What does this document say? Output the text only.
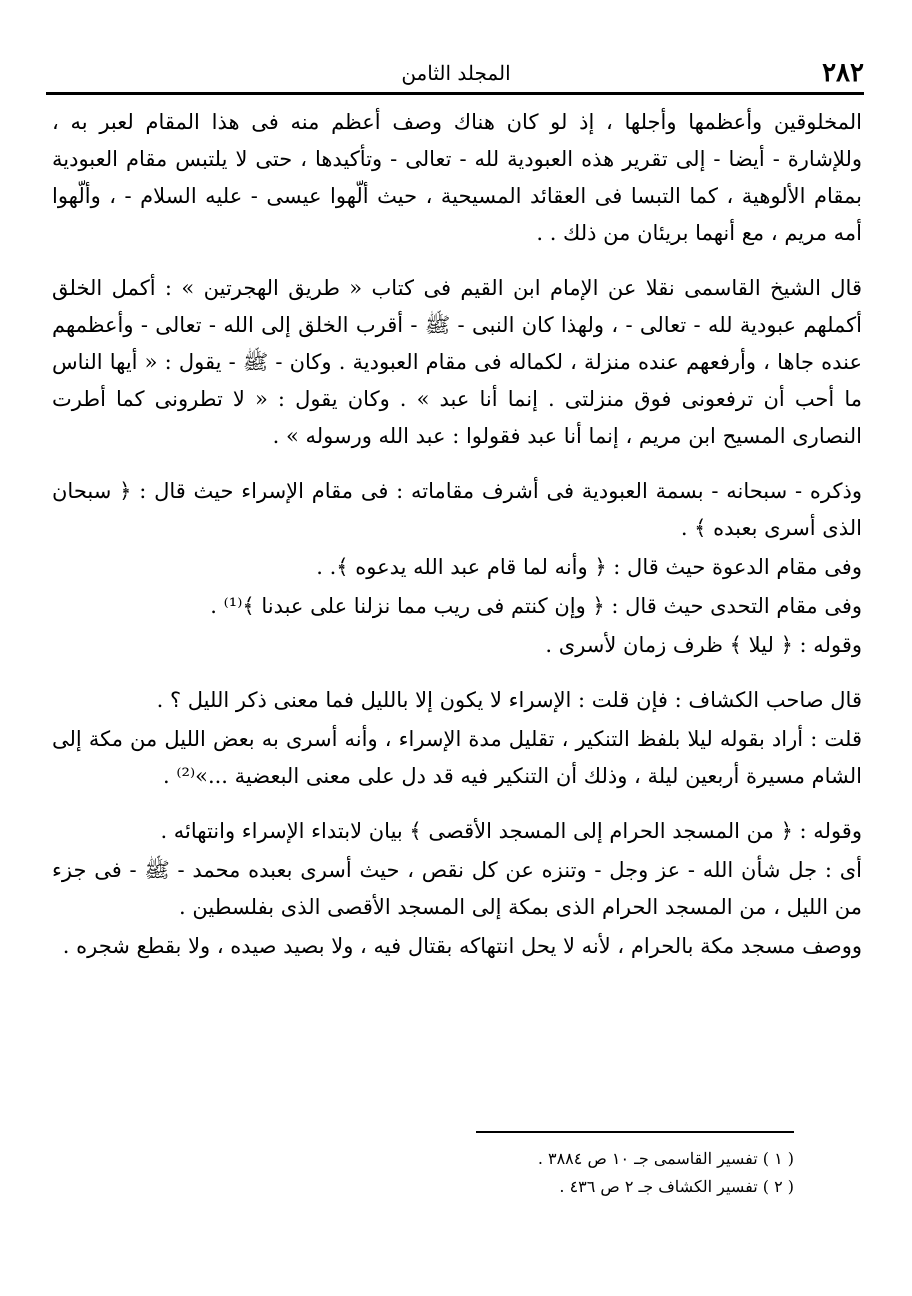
٢٨٢
المجلد الثامن

المخلوقين وأعظمها وأجلها ، إذ لو كان هناك وصف أعظم منه فى هذا المقام لعبر به ، وللإشارة - أيضا - إلى تقرير هذه العبودية لله - تعالى - وتأكيدها ، حتى لا يلتبس مقام العبودية بمقام الألوهية ، كما التبسا فى العقائد المسيحية ، حيث ألّهوا عيسى - عليه السلام - ، وألّهوا أمه مريم ، مع أنهما بريئان من ذلك . .

قال الشيخ القاسمى نقلا عن الإمام ابن القيم فى كتاب « طريق الهجرتين » : أكمل الخلق أكملهم عبودية لله - تعالى - ، ولهذا كان النبى - ﷺ - أقرب الخلق إلى الله - تعالى - وأعظمهم عنده جاها ، وأرفعهم عنده منزلة ، لكماله فى مقام العبودية . وكان - ﷺ - يقول : « أيها الناس ما أحب أن ترفعونى فوق منزلتى . إنما أنا عبد » . وكان يقول : « لا تطرونى كما أطرت النصارى المسيح ابن مريم ، إنما أنا عبد فقولوا : عبد الله ورسوله » .

وذكره - سبحانه - بسمة العبودية فى أشرف مقاماته : فى مقام الإسراء حيث قال : ﴿ سبحان الذى أسرى بعبده ﴾ .

وفى مقام الدعوة حيث قال : ﴿ وأنه لما قام عبد الله يدعوه ﴾. .

وفى مقام التحدى حيث قال : ﴿ وإن كنتم فى ريب مما نزلنا على عبدنا ﴾⁽¹⁾ .

وقوله : ﴿ ليلا ﴾ ظرف زمان لأسرى .

قال صاحب الكشاف : فإن قلت : الإسراء لا يكون إلا بالليل فما معنى ذكر الليل ؟ .

قلت : أراد بقوله ليلا بلفظ التنكير ، تقليل مدة الإسراء ، وأنه أسرى به بعض الليل من مكة إلى الشام مسيرة أربعين ليلة ، وذلك أن التنكير فيه قد دل على معنى البعضية ...»⁽²⁾ .

وقوله : ﴿ من المسجد الحرام إلى المسجد الأقصى ﴾ بيان لابتداء الإسراء وانتهائه .

أى : جل شأن الله - عز وجل - وتنزه عن كل نقص ، حيث أسرى بعبده محمد - ﷺ - فى جزء من الليل ، من المسجد الحرام الذى بمكة إلى المسجد الأقصى الذى بفلسطين .

ووصف مسجد مكة بالحرام ، لأنه لا يحل انتهاكه بقتال فيه ، ولا بصيد صيده ، ولا بقطع شجره .

( ١ ) تفسير القاسمى جـ ١٠ ص ٣٨٨٤ .

( ٢ ) تفسير الكشاف جـ ٢ ص ٤٣٦ .
